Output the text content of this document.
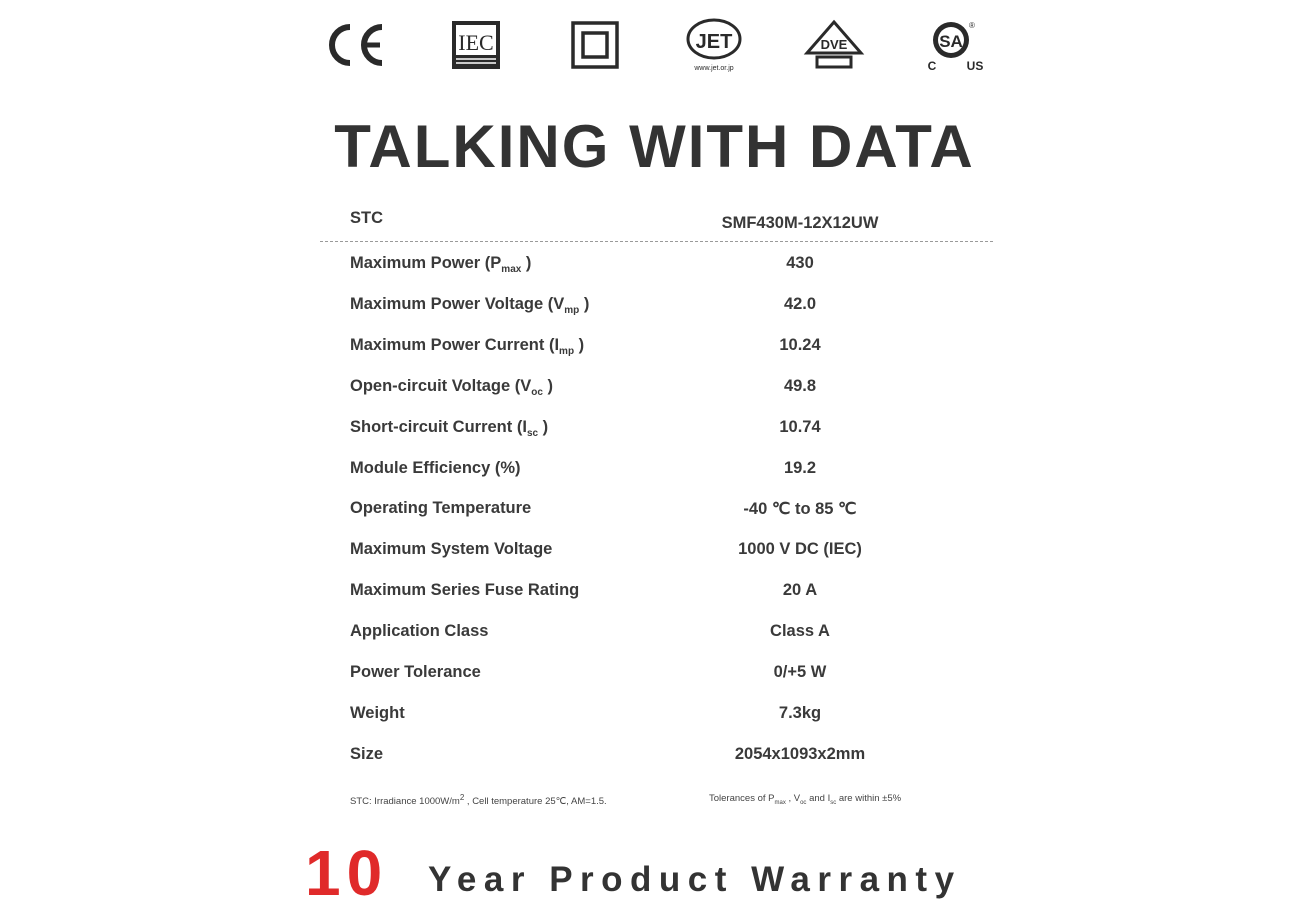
IEC	JET
www.jet.or.jp
DVE	SA
C	US
®
TALKING WITH DATA
STC	SMF430M-12X12UW
Maximum Power ($P_{max}$ )	430
Maximum Power Voltage ($V_{mp}$ )	42.0
Maximum Power Current ($I_{mp}$ )	10.24
Open-circuit Voltage ($V_{oc}$ )	49.8
Short-circuit Current ($I_{sc}$ )	10.74
Module Efficiency (%)	19.2
Operating Temperature	-40 ℃ to 85 ℃
Maximum System Voltage	1000 V DC (IEC)
Maximum Series Fuse Rating	20 A
Application Class	Class A
Power Tolerance	0/+5 W
Weight	7.3kg
Size	2054x1093x2mm
STC: Irradiance $1000W/m^2$ , Cell temperature 25℃, AM=1.5.	Tolerances of $P_{max}$ , $V_{oc}$ and $I_{sc}$ are within ±5%
10 Year Product Warranty
